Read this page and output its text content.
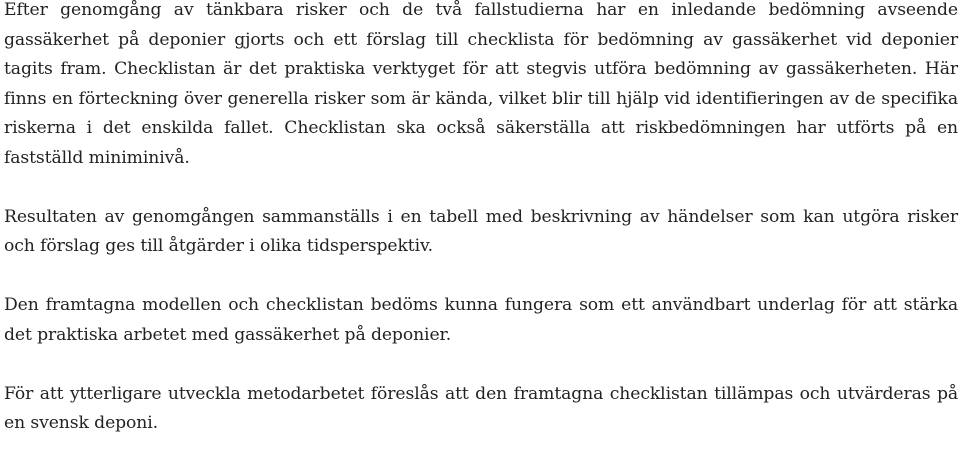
Efter genomgång av tänkbara risker och de två fallstudierna har en inledande bedömning avseende gassäkerhet på deponier gjorts och ett förslag till checklista för bedömning av gassäkerhet vid deponier tagits fram. Checklistan är det praktiska verktyget för att stegvis utföra bedömning av gassäkerheten. Här finns en förteckning över generella risker som är kända, vilket blir till hjälp vid identifieringen av de specifika riskerna i det enskilda fallet. Checklistan ska också säkerställa att riskbedömningen har utförts på en fastställd miniminivå.

Resultaten av genomgången sammanställs i en tabell med beskrivning av händelser som kan utgöra risker och förslag ges till åtgärder i olika tidsperspektiv.

Den framtagna modellen och checklistan bedöms kunna fungera som ett användbart underlag för att stärka det praktiska arbetet med gassäkerhet på deponier.

För att ytterligare utveckla metodarbetet föreslås att den framtagna checklistan tillämpas och utvärderas på en svensk deponi.
